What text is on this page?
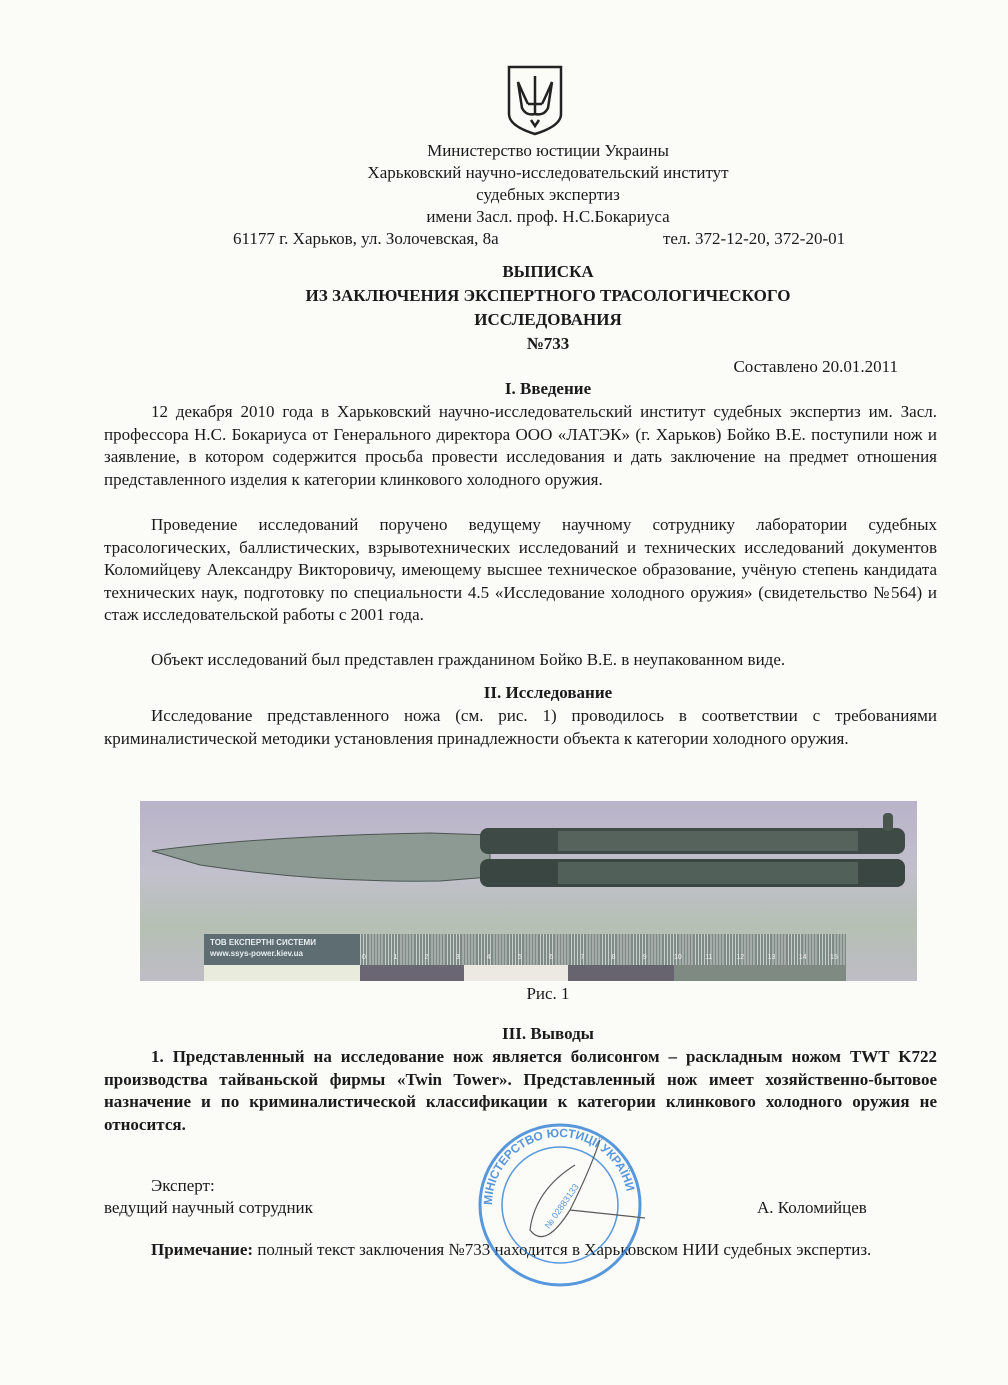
Министерство юстиции Украины
Харьковский научно-исследовательский институт
судебных экспертиз
имени Засл. проф. Н.С.Бокариуса
61177 г. Харьков, ул. Золочевская, 8а	тел. 372-12-20, 372-20-01
ВЫПИСКА
ИЗ ЗАКЛЮЧЕНИЯ ЭКСПЕРТНОГО ТРАСОЛОГИЧЕСКОГО
ИССЛЕДОВАНИЯ
№733
Составлено 20.01.2011
I. Введение

12 декабря 2010 года в Харьковский научно-исследовательский институт судебных экспертиз им. Засл. профессора Н.С. Бокариуса от Генерального директора ООО «ЛАТЭК» (г. Харьков) Бойко В.Е. поступили нож и заявление, в котором содержится просьба провести исследования и дать заключение на предмет отношения представленного изделия к категории клинкового холодного оружия.

Проведение исследований поручено ведущему научному сотруднику лаборатории судебных трасологических, баллистических, взрывотехнических исследований и технических исследований документов Коломийцеву Александру Викторовичу, имеющему высшее техническое образование, учёную степень кандидата технических наук, подготовку по специальности 4.5 «Исследование холодного оружия» (свидетельство №564) и стаж исследовательской работы с 2001 года.

Объект исследований был представлен гражданином Бойко В.Е. в неупакованном виде.

II. Исследование

Исследование представленного ножа (см. рис. 1) проводилось в соответствии с требованиями криминалистической методики установления принадлежности объекта к категории холодного оружия.

ТОВ ЕКСПЕРТНІ СИСТЕМИ
www.ssys-power.kiev.ua	0	1	2	3	4	5	6	7	8	9	10	11	12	13	14	15
Рис. 1
III. Выводы

1. Представленный на исследование нож является болисонгом – раскладным ножом TWT K722 производства тайваньской фирмы «Twin Tower». Представленный нож имеет хозяйственно-бытовое назначение и по криминалистической классификации к категории клинкового холодного оружия не относится.

Эксперт:
ведущий научный сотрудник	А. Коломийцев

Примечание: полный текст заключения №733 находится в Харьковском НИИ судебных экспертиз.

МІНІСТЕРСТВО ЮСТИЦІЇ УКРАЇНИ
№ 02883133
